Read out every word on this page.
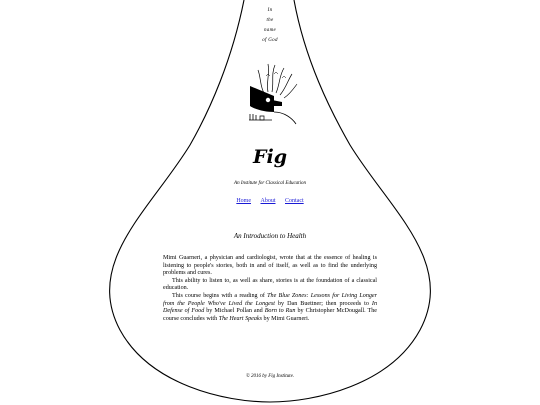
In
the
name
of God
Fig
An Institute for Classical Education
Home About Contact
An Introduction to Health
.

Mimi Guarneri, a physician and cardiologist, wrote that at the essence of healing is listening to people's stories, both in and of itself, as well as to find the underlying problems and cures.

This ability to listen to, as well as share, stories is at the foundation of a classical education.

This course begins with a reading of The Blue Zones: Lessons for Living Longer from the People Who've Lived the Longest by Dan Buettner; then proceeds to In Defense of Food by Michael Pollan and Born to Run by Christopher McDougall. The course concludes with The Heart Speaks by Mimi Guarneri.

© 2016 by Fig Institute.
